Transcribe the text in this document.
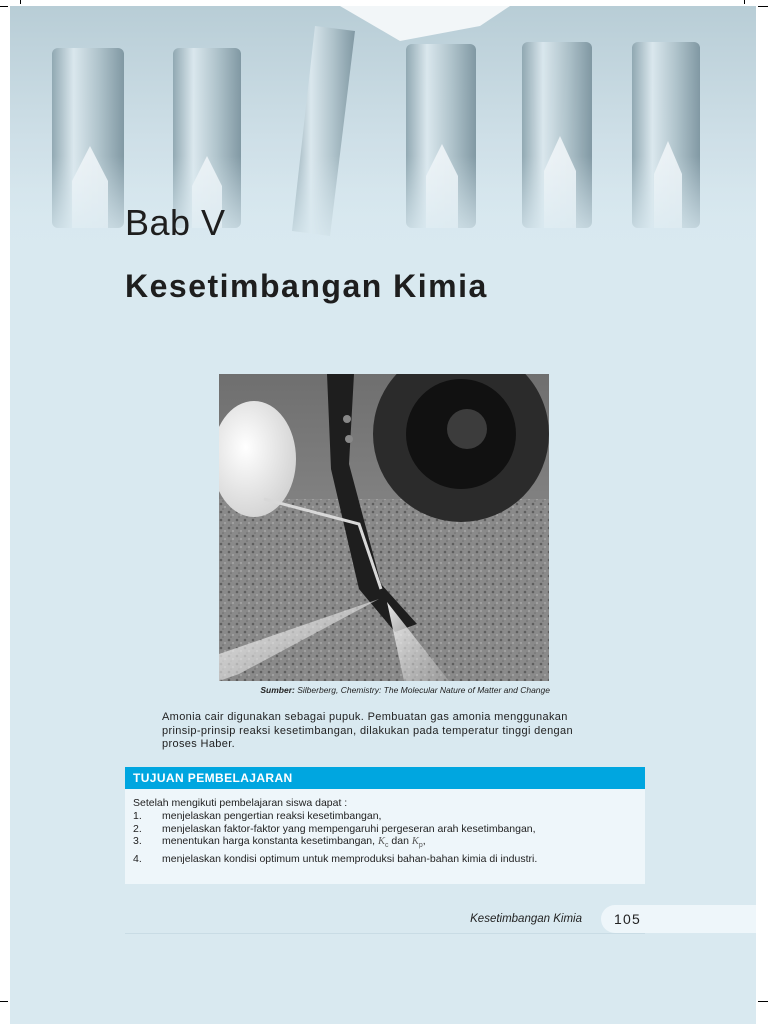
Bab V
Kesetimbangan Kimia
Sumber: Silberberg, Chemistry: The Molecular Nature of Matter and Change
Amonia cair digunakan sebagai pupuk. Pembuatan gas amonia menggunakan prinsip-prinsip reaksi kesetimbangan, dilakukan pada temperatur tinggi dengan proses Haber.
TUJUAN PEMBELAJARAN
Setelah mengikuti pembelajaran siswa dapat :
1.	menjelaskan pengertian reaksi kesetimbangan,
2.	menjelaskan faktor-faktor yang mempengaruhi pergeseran arah kesetimbangan,
3.	menentukan harga konstanta kesetimbangan, $K_c$ dan $K_p$,
4.	menjelaskan kondisi optimum untuk memproduksi bahan-bahan kimia di industri.
Kesetimbangan Kimia 105
